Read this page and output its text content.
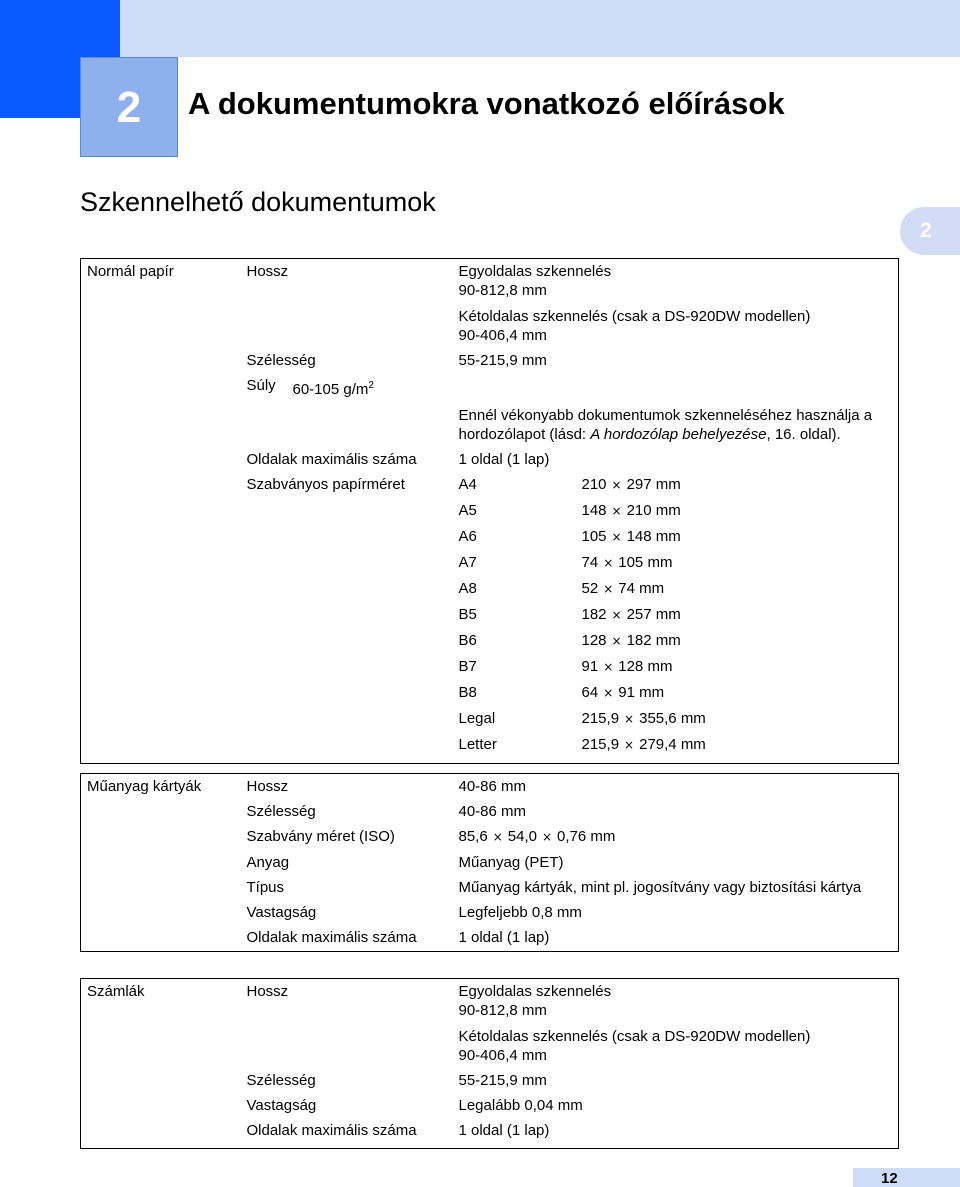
2	A dokumentumokra vonatkozó előírások
Szkennelhető dokumentumok
2
Normál papír	Hossz	Egyoldalas szkennelés
90-812,8 mm
Kétoldalas szkennelés (csak a DS-920DW modellen)
90-406,4 mm	

	Szélesség	55-215,9 mm	
	Súly	60-105 $g/m^2$
Ennél vékonyabb dokumentumok szkenneléséhez használja a
hordozólapot (lásd: A hordozólap behelyezése, 16. oldal).	

	Oldalak maximális száma	1 oldal (1 lap)	
	Szabványos papírméret	A4	210 × 297 mm
		A5	148 × 210 mm
		A6	105 × 148 mm
		A7	74 × 105 mm
		A8	52 × 74 mm
		B5	182 × 257 mm
		B6	128 × 182 mm
		B7	91 × 128 mm
		B8	64 × 91 mm
		Legal	215,9 × 355,6 mm
		Letter	215,9 × 279,4 mm
Műanyag kártyák	Hossz	40-86 mm
	Szélesség	40-86 mm
	Szabvány méret (ISO)	85,6 × 54,0 × 0,76 mm
	Anyag	Műanyag (PET)
	Típus	Műanyag kártyák, mint pl. jogosítvány vagy biztosítási kártya
	Vastagság	Legfeljebb 0,8 mm
	Oldalak maximális száma	1 oldal (1 lap)
Számlák	Hossz	Egyoldalas szkennelés
90-812,8 mm
Kétoldalas szkennelés (csak a DS-920DW modellen)
90-406,4 mm

	Szélesség	55-215,9 mm
	Vastagság	Legalább 0,04 mm
	Oldalak maximális száma	1 oldal (1 lap)
12
